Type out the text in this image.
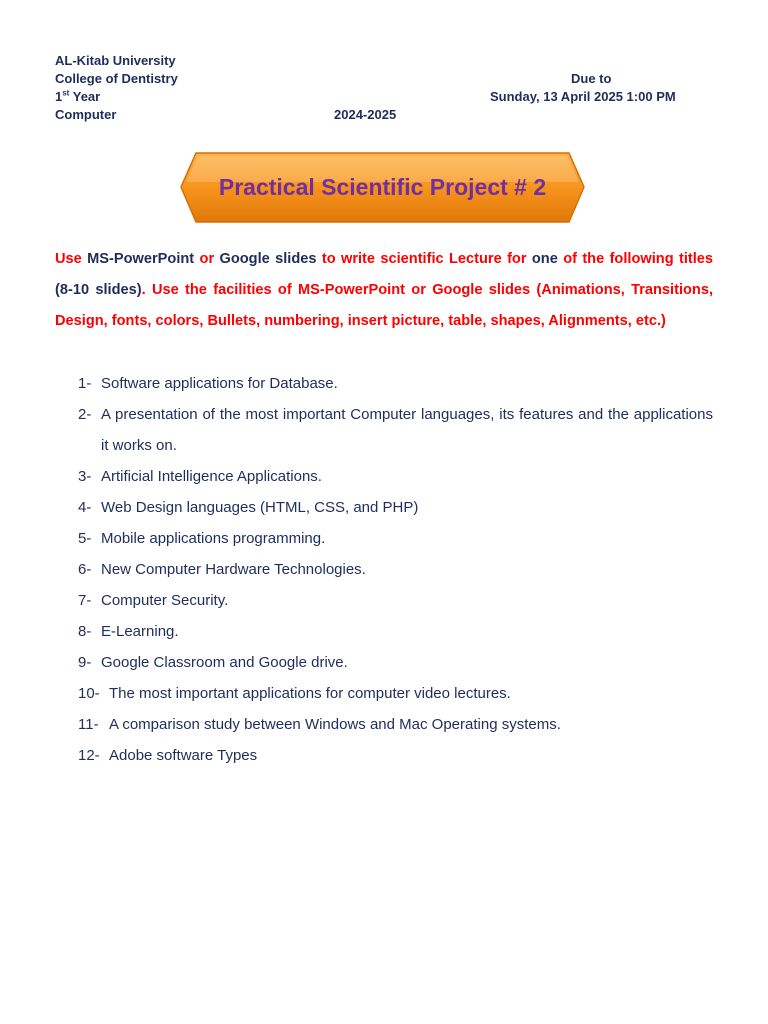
AL-Kitab University
College of Dentistry
1st Year
Computer	2024-2025
Due to
Sunday, 13 April 2025 1:00 PM
Practical Scientific Project # 2
Use MS-PowerPoint or Google slides to write scientific Lecture for one of the following titles (8-10 slides). Use the facilities of MS-PowerPoint or Google slides (Animations, Transitions, Design, fonts, colors, Bullets, numbering, insert picture, table, shapes, Alignments, etc.)
1- Software applications for Database.
2- A presentation of the most important Computer languages, its features and the applications it works on.
3- Artificial Intelligence Applications.
4- Web Design languages (HTML, CSS, and PHP)
5- Mobile applications programming.
6- New Computer Hardware Technologies.
7- Computer Security.
8- E-Learning.
9- Google Classroom and Google drive.
10- The most important applications for computer video lectures.
11- A comparison study between Windows and Mac Operating systems.
12- Adobe software Types
